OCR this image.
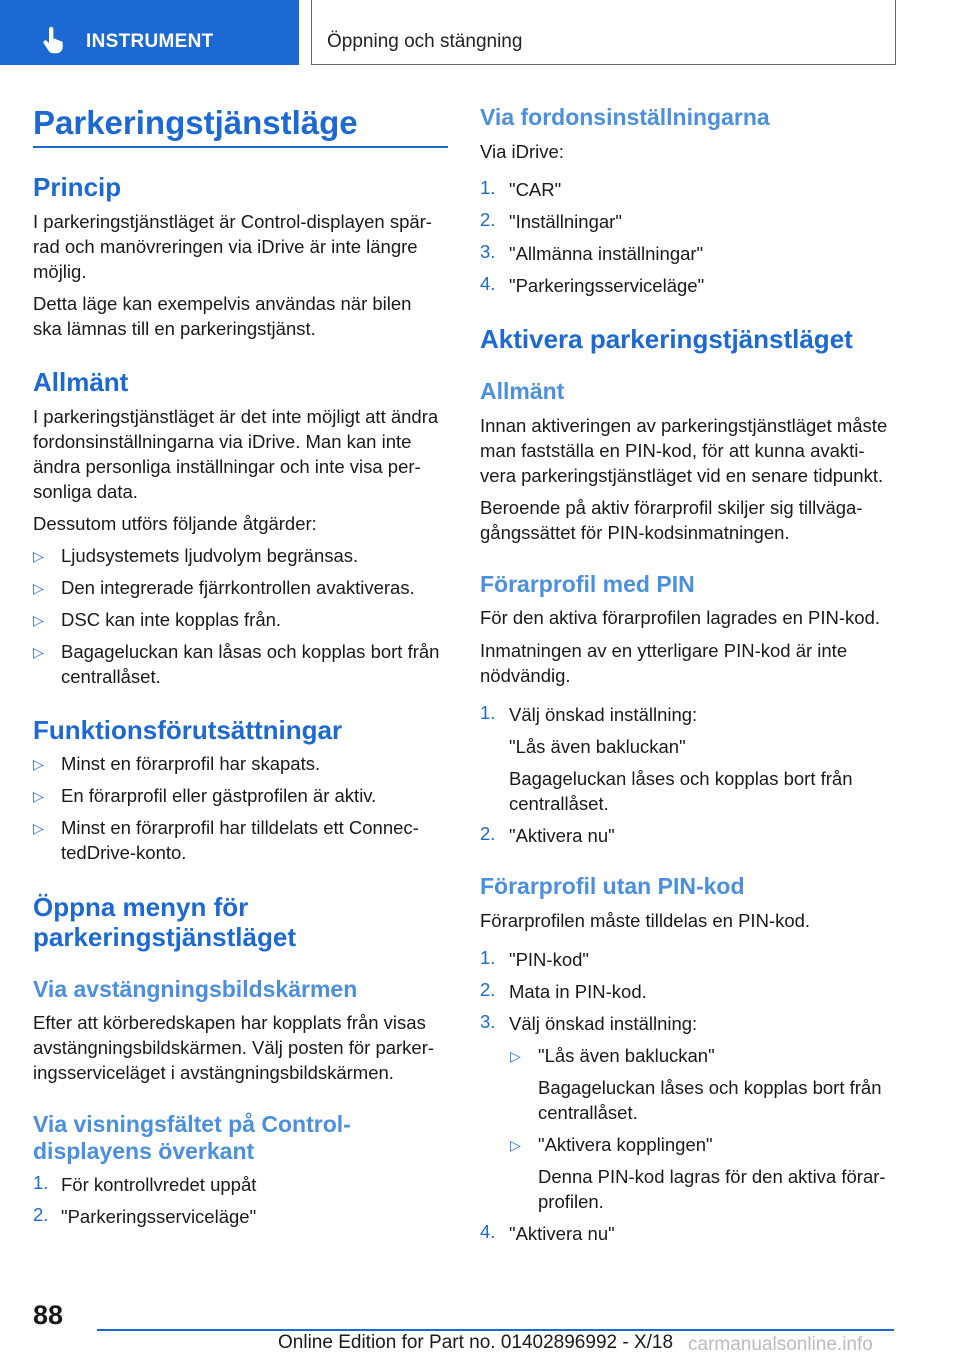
INSTRUMENT	Öppning och stängning
Parkeringstjänstläge
Princip
I parkeringstjänstläget är Control-displayen spär-
rad och manövreringen via iDrive är inte längre
möjlig.
Detta läge kan exempelvis användas när bilen
ska lämnas till en parkeringstjänst.
Allmänt
I parkeringstjänstläget är det inte möjligt att ändra
fordonsinställningarna via iDrive. Man kan inte
ändra personliga inställningar och inte visa per-
sonliga data.
Dessutom utförs följande åtgärder:
▷ Ljudsystemets ljudvolym begränsas.
▷ Den integrerade fjärrkontrollen avaktiveras.
▷ DSC kan inte kopplas från.
▷ Bagageluckan kan låsas och kopplas bort från
centrallåset.
Funktionsförutsättningar
▷ Minst en förarprofil har skapats.
▷ En förarprofil eller gästprofilen är aktiv.
▷ Minst en förarprofil har tilldelats ett Connec-
tedDrive-konto.
Öppna menyn för
parkeringstjänstläget
Via avstängningsbildskärmen
Efter att körberedskapen har kopplats från visas
avstängningsbildskärmen. Välj posten för parker-
ingsserviceläget i avstängningsbildskärmen.
Via visningsfältet på Control-
displayens överkant
1. För kontrollvredet uppåt
2. "Parkeringsserviceläge"
Via fordonsinställningarna
Via iDrive:
1. "CAR"
2. "Inställningar"
3. "Allmänna inställningar"
4. "Parkeringsserviceläge"
Aktivera parkeringstjänstläget
Allmänt
Innan aktiveringen av parkeringstjänstläget måste
man fastställa en PIN-kod, för att kunna avakti-
vera parkeringstjänstläget vid en senare tidpunkt.
Beroende på aktiv förarprofil skiljer sig tillväga-
gångssättet för PIN-kodsinmatningen.
Förarprofil med PIN
För den aktiva förarprofilen lagrades en PIN-kod.
Inmatningen av en ytterligare PIN-kod är inte
nödvändig.
1. Välj önskad inställning:
"Lås även bakluckan"
Bagageluckan låses och kopplas bort från
centrallåset.
2. "Aktivera nu"
Förarprofil utan PIN-kod
Förarprofilen måste tilldelas en PIN-kod.
1. "PIN-kod"
2. Mata in PIN-kod.
3. Välj önskad inställning:
▷ "Lås även bakluckan"
Bagageluckan låses och kopplas bort från
centrallåset.
▷ "Aktivera kopplingen"
Denna PIN-kod lagras för den aktiva förar-
profilen.
4. "Aktivera nu"
88
Online Edition for Part no. 01402896992 - X/18 carmanualsonline.info
